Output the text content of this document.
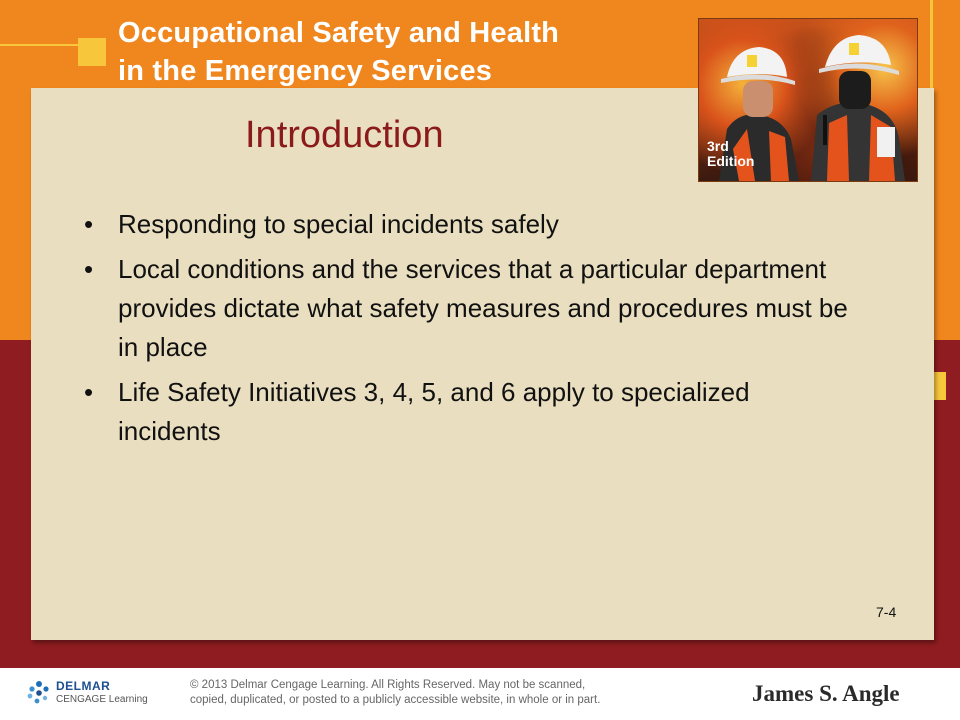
Occupational Safety and Health
in the Emergency Services
3rd
Edition
Introduction
• Responding to special incidents safely
• Local conditions and the services that a particular department provides dictate what safety measures and procedures must be in place
• Life Safety Initiatives 3, 4, 5, and 6 apply to specialized incidents
7-4
DELMAR
CENGAGE Learning
© 2013 Delmar Cengage Learning. All Rights Reserved. May not be scanned,
copied, duplicated, or posted to a publicly accessible website, in whole or in part.	James S. Angle
